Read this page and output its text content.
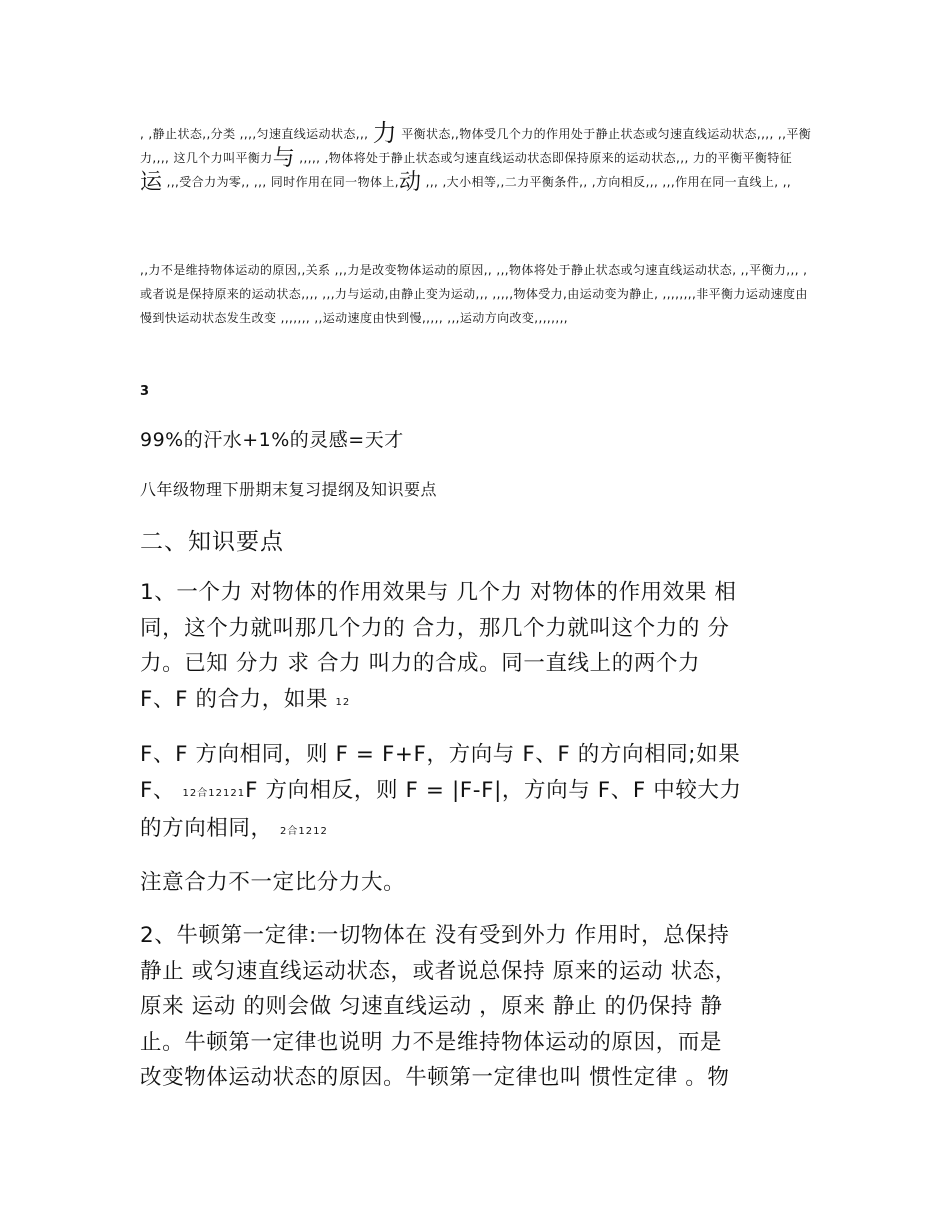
, ,静止状态,,分类 ,,,,匀速直线运动状态,,, 力 平衡状态,,物体受几个力的作用处于静止状态或匀速直线运动状态,,,, ,,平衡力,,,, 这几个力叫平衡力与 ,,,,, ,物体将处于静止状态或匀速直线运动状态即保持原来的运动状态,,, 力的平衡平衡特征运 ,,,受合力为零,, ,,, 同时作用在同一物体上,动 ,,, ,大小相等,,二力平衡条件,, ,方向相反,,, ,,,作用在同一直线上, ,,

,,力不是维持物体运动的原因,,关系 ,,,力是改变物体运动的原因,, ,,,物体将处于静止状态或匀速直线运动状态, ,,平衡力,,, ,或者说是保持原来的运动状态,,,, ,,,力与运动,由静止变为运动,,, ,,,,,物体受力,由运动变为静止, ,,,,,,,,非平衡力运动速度由慢到快运动状态发生改变 ,,,,,,, ,,运动速度由快到慢,,,,, ,,,运动方向改变,,,,,,,,

3

99%的汗水+1%的灵感=天才

八年级物理下册期末复习提纲及知识要点

二、知识要点

1、一个力 对物体的作用效果与 几个力 对物体的作用效果 相
同，这个力就叫那几个力的 合力，那几个力就叫这个力的 分
力。已知 分力 求 合力 叫力的合成。同一直线上的两个力
F、F 的合力，如果 12

F、F 方向相同，则 F = F+F，方向与 F、F 的方向相同;如果
F、 12合12121F 方向相反，则 F = |F-F|，方向与 F、F 中较大力
的方向相同， 2合1212

注意合力不一定比分力大。

2、牛顿第一定律:一切物体在 没有受到外力 作用时，总保持
静止 或匀速直线运动状态，或者说总保持 原来的运动 状态，
原来 运动 的则会做 匀速直线运动 ，原来 静止 的仍保持 静
止。牛顿第一定律也说明 力不是维持物体运动的原因，而是
改变物体运动状态的原因。牛顿第一定律也叫 惯性定律 。物
